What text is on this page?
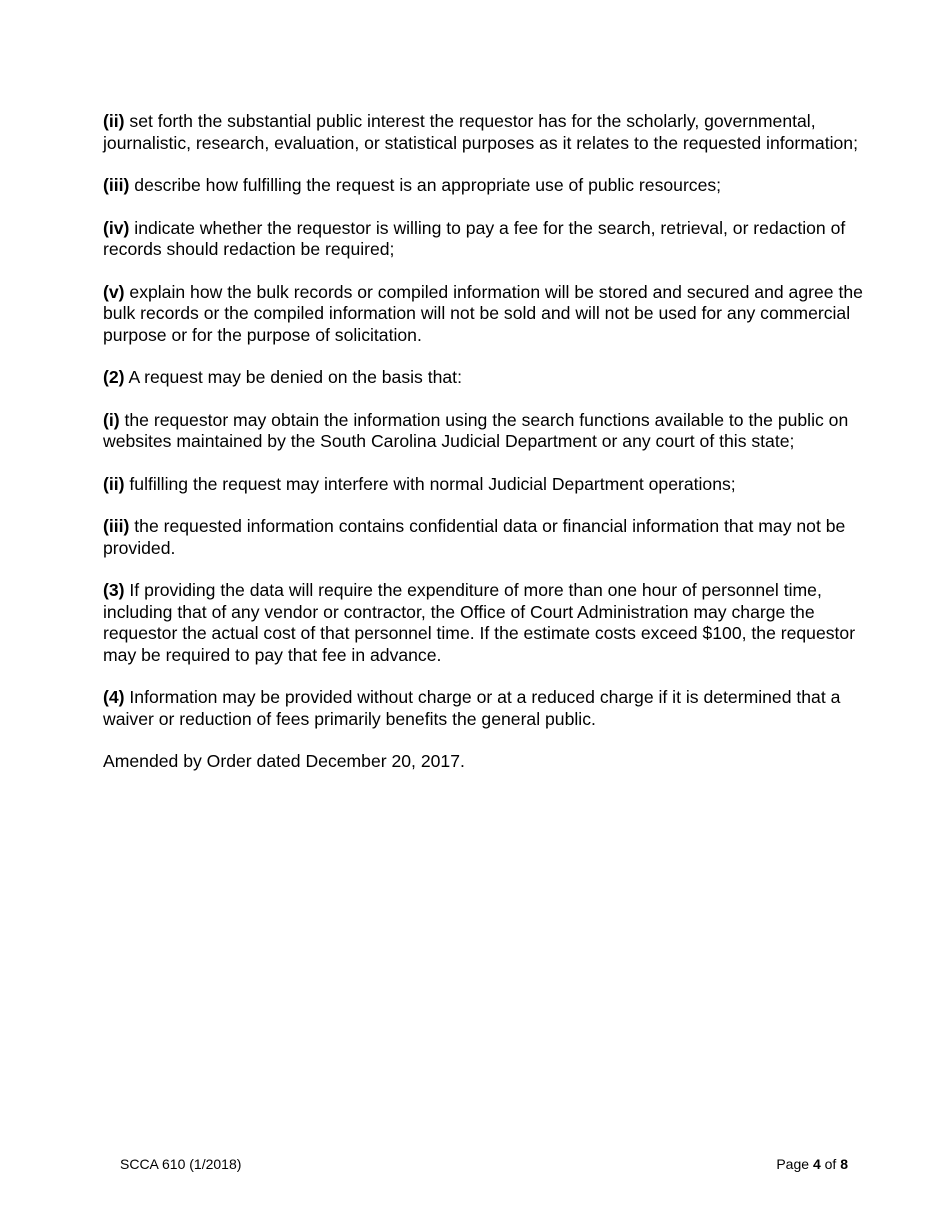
(ii) set forth the substantial public interest the requestor has for the scholarly, governmental, journalistic, research, evaluation, or statistical purposes as it relates to the requested information;

(iii) describe how fulfilling the request is an appropriate use of public resources;

(iv) indicate whether the requestor is willing to pay a fee for the search, retrieval, or redaction of records should redaction be required;

(v) explain how the bulk records or compiled information will be stored and secured and agree the bulk records or the compiled information will not be sold and will not be used for any commercial purpose or for the purpose of solicitation.

(2) A request may be denied on the basis that:

(i) the requestor may obtain the information using the search functions available to the public on websites maintained by the South Carolina Judicial Department or any court of this state;

(ii) fulfilling the request may interfere with normal Judicial Department operations;

(iii) the requested information contains confidential data or financial information that may not be provided.

(3) If providing the data will require the expenditure of more than one hour of personnel time, including that of any vendor or contractor, the Office of Court Administration may charge the requestor the actual cost of that personnel time. If the estimate costs exceed $100, the requestor may be required to pay that fee in advance.

(4) Information may be provided without charge or at a reduced charge if it is determined that a waiver or reduction of fees primarily benefits the general public.

Amended by Order dated December 20, 2017.

SCCA 610 (1/2018)	Page 4 of 8
